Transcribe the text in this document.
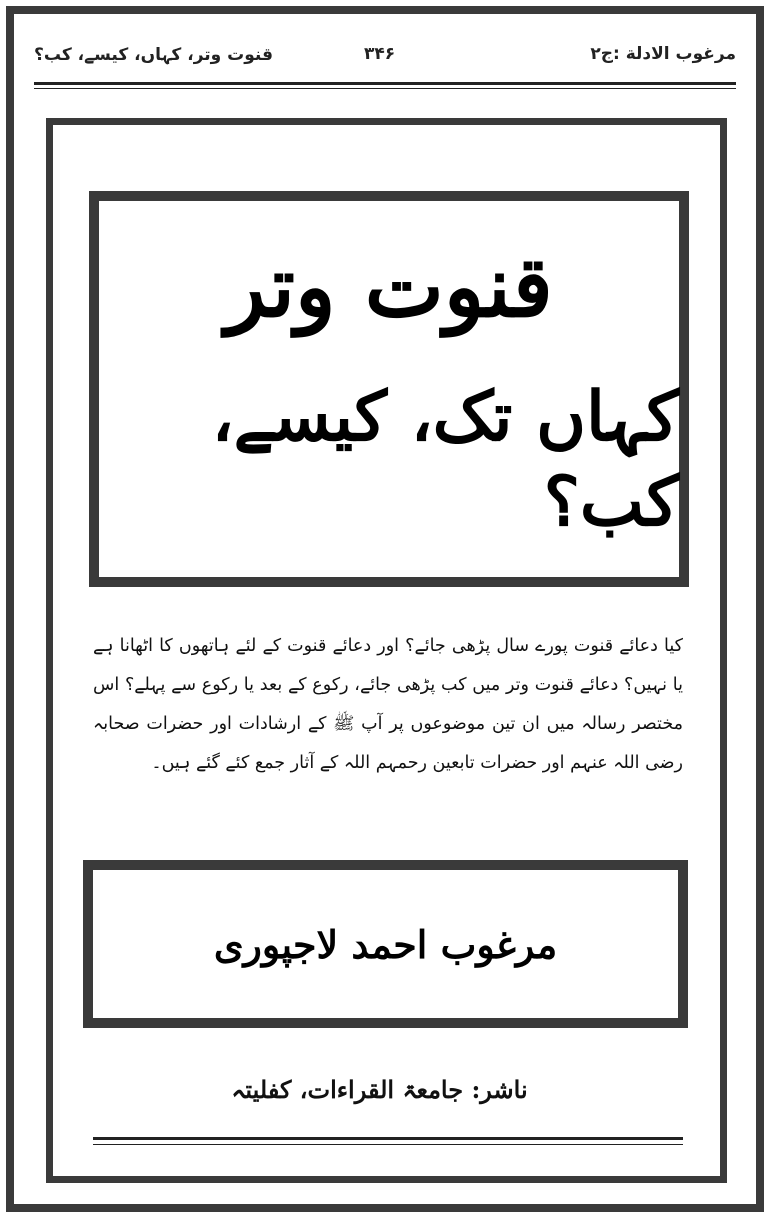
مرغوب الادلة :ج۲
۳۴۶
قنوت وتر، کہاں، کیسے، کب؟
قنوت وتر
کہاں تک، کیسے، کب؟
کیا دعائے قنوت پورے سال پڑھی جائے؟ اور دعائے قنوت کے لئے ہاتھوں کا اٹھانا ہے یا نہیں؟ دعائے قنوت وتر میں کب پڑھی جائے، رکوع کے بعد یا رکوع سے پہلے؟ اس مختصر رسالہ میں ان تین موضوعوں پر آپ ﷺ کے ارشادات اور حضرات صحابہ رضی اللہ عنہم اور حضرات تابعین رحمہم اللہ کے آثار جمع کئے گئے ہیں۔
مرغوب احمد لاجپوری
ناشر: جامعۃ القراءات، کفلیتہ
